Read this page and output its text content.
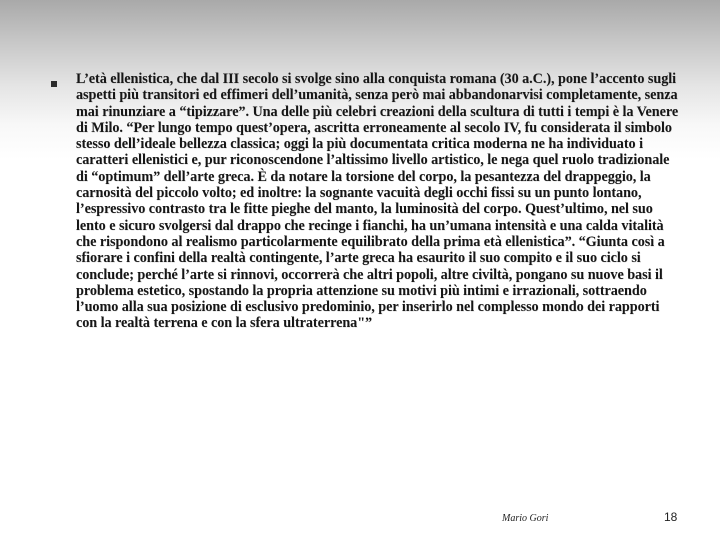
L’età ellenistica, che dal III secolo si svolge sino alla conquista romana (30 a.C.), pone l’accento sugli aspetti più transitori ed effimeri dell’umanità, senza però mai abbandonarvisi completamente, senza mai rinunziare a “tipizzare”. Una delle più celebri creazioni della scultura di tutti i tempi è la Venere di Milo. “Per lungo tempo quest’opera, ascritta erroneamente al secolo IV, fu considerata il simbolo stesso dell’ideale bellezza classica; oggi la più documentata critica moderna ne ha individuato i caratteri ellenistici e, pur riconoscendone l’altissimo livello artistico, le nega quel ruolo tradizionale di “optimum” dell’arte greca. È da notare la torsione del corpo, la pesantezza del drappeggio, la carnosità del piccolo volto; ed inoltre: la sognante vacuità degli occhi fissi su un punto lontano, l’espressivo contrasto tra le fitte pieghe del manto, la luminosità del corpo. Quest’ultimo, nel suo lento e sicuro svolgersi dal drappo che recinge i fianchi, ha un’umana intensità e una calda vitalità che rispondono al realismo particolarmente equilibrato della prima età ellenistica”. “Giunta così a sfiorare i confini della realtà contingente, l’arte greca ha esaurito il suo compito e il suo ciclo si conclude; perché l’arte si rinnovi, occorrerà che altri popoli, altre civiltà, pongano su nuove basi il problema estetico, spostando la propria attenzione su motivi più intimi e irrazionali, sottraendo l’uomo alla sua posizione di esclusivo predominio, per inserirlo nel complesso mondo dei rapporti con la realtà terrena e con la sfera ultraterrena"”

Mario Gori	18
